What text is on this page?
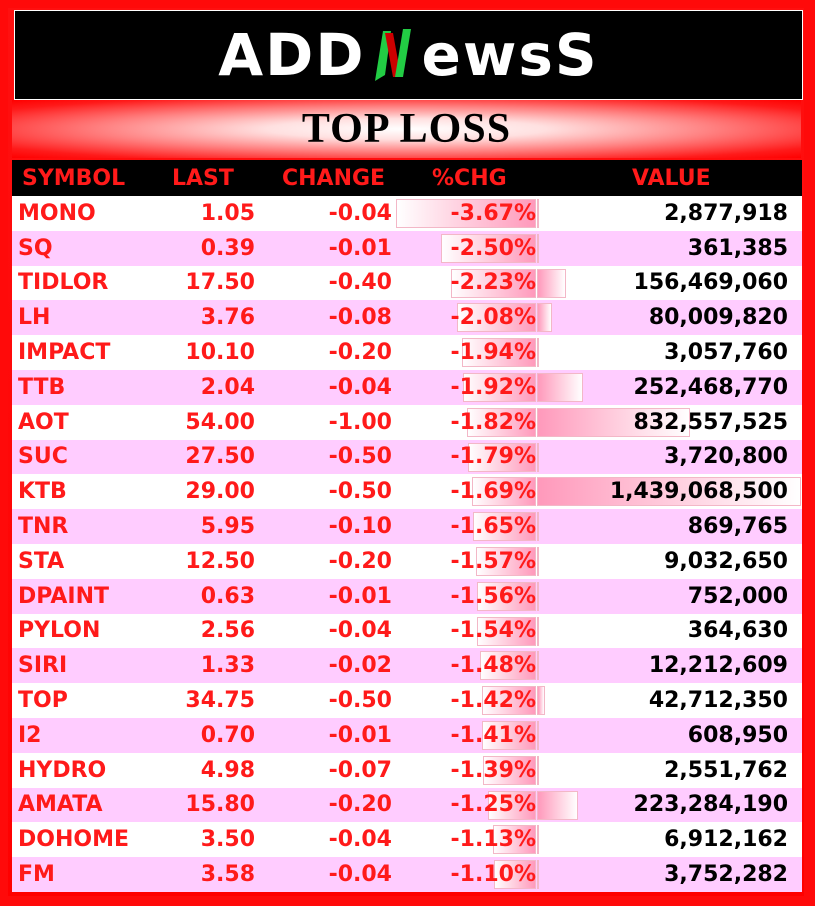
ADD ewsS
TOP LOSS
SYMBOL LAST CHANGE %CHG	VALUE
MONO	1.05	-0.04	-3.67%	2,877,918
SQ	0.39	-0.01	-2.50%	361,385
TIDLOR	17.50	-0.40	-2.23%	156,469,060
LH	3.76	-0.08	-2.08%	80,009,820
IMPACT	10.10	-0.20	-1.94%	3,057,760
TTB	2.04	-0.04	-1.92%	252,468,770
AOT	54.00	-1.00	-1.82%	832,557,525
SUC	27.50	-0.50	-1.79%	3,720,800
KTB	29.00	-0.50	-1.69%	1,439,068,500
TNR	5.95	-0.10	-1.65%	869,765
STA	12.50	-0.20	-1.57%	9,032,650
DPAINT	0.63	-0.01	-1.56%	752,000
PYLON	2.56	-0.04	-1.54%	364,630
SIRI	1.33	-0.02	-1.48%	12,212,609
TOP	34.75	-0.50	-1.42%	42,712,350
I2	0.70	-0.01	-1.41%	608,950
HYDRO	4.98	-0.07	-1.39%	2,551,762
AMATA	15.80	-0.20	-1.25%	223,284,190
DOHOME	3.50	-0.04	-1.13%	6,912,162
FM	3.58	-0.04	-1.10%	3,752,282
